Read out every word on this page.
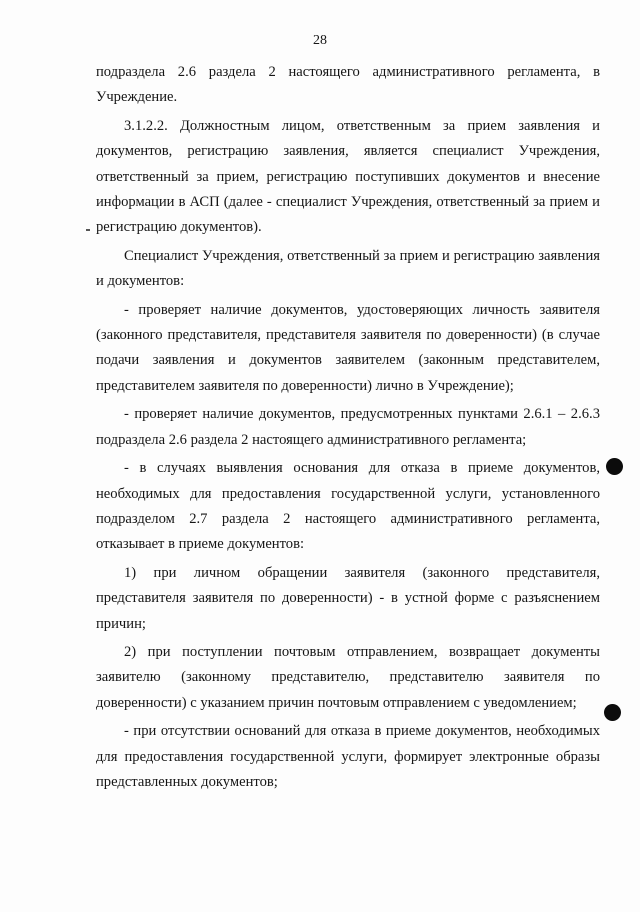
28

подраздела 2.6 раздела 2 настоящего административного регламента, в Учреждение.

3.1.2.2. Должностным лицом, ответственным за прием заявления и документов, регистрацию заявления, является специалист Учреждения, ответственный за прием, регистрацию поступивших документов и внесение информации в АСП (далее - специалист Учреждения, ответственный за прием и регистрацию документов).

Специалист Учреждения, ответственный за прием и регистрацию заявления и документов:

- проверяет наличие документов, удостоверяющих личность заявителя (законного представителя, представителя заявителя по доверенности) (в случае подачи заявления и документов заявителем (законным представителем, представителем заявителя по доверенности) лично в Учреждение);

- проверяет наличие документов, предусмотренных пунктами 2.6.1 – 2.6.3 подраздела 2.6 раздела 2 настоящего административного регламента;

- в случаях выявления основания для отказа в приеме документов, необходимых для предоставления государственной услуги, установленного подразделом 2.7 раздела 2 настоящего административного регламента, отказывает в приеме документов:

1) при личном обращении заявителя (законного представителя, представителя заявителя по доверенности) - в устной форме с разъяснением причин;

2) при поступлении почтовым отправлением, возвращает документы заявителю (законному представителю, представителю заявителя по доверенности) с указанием причин почтовым отправлением с уведомлением;

- при отсутствии оснований для отказа в приеме документов, необходимых для предоставления государственной услуги, формирует электронные образы представленных документов;
